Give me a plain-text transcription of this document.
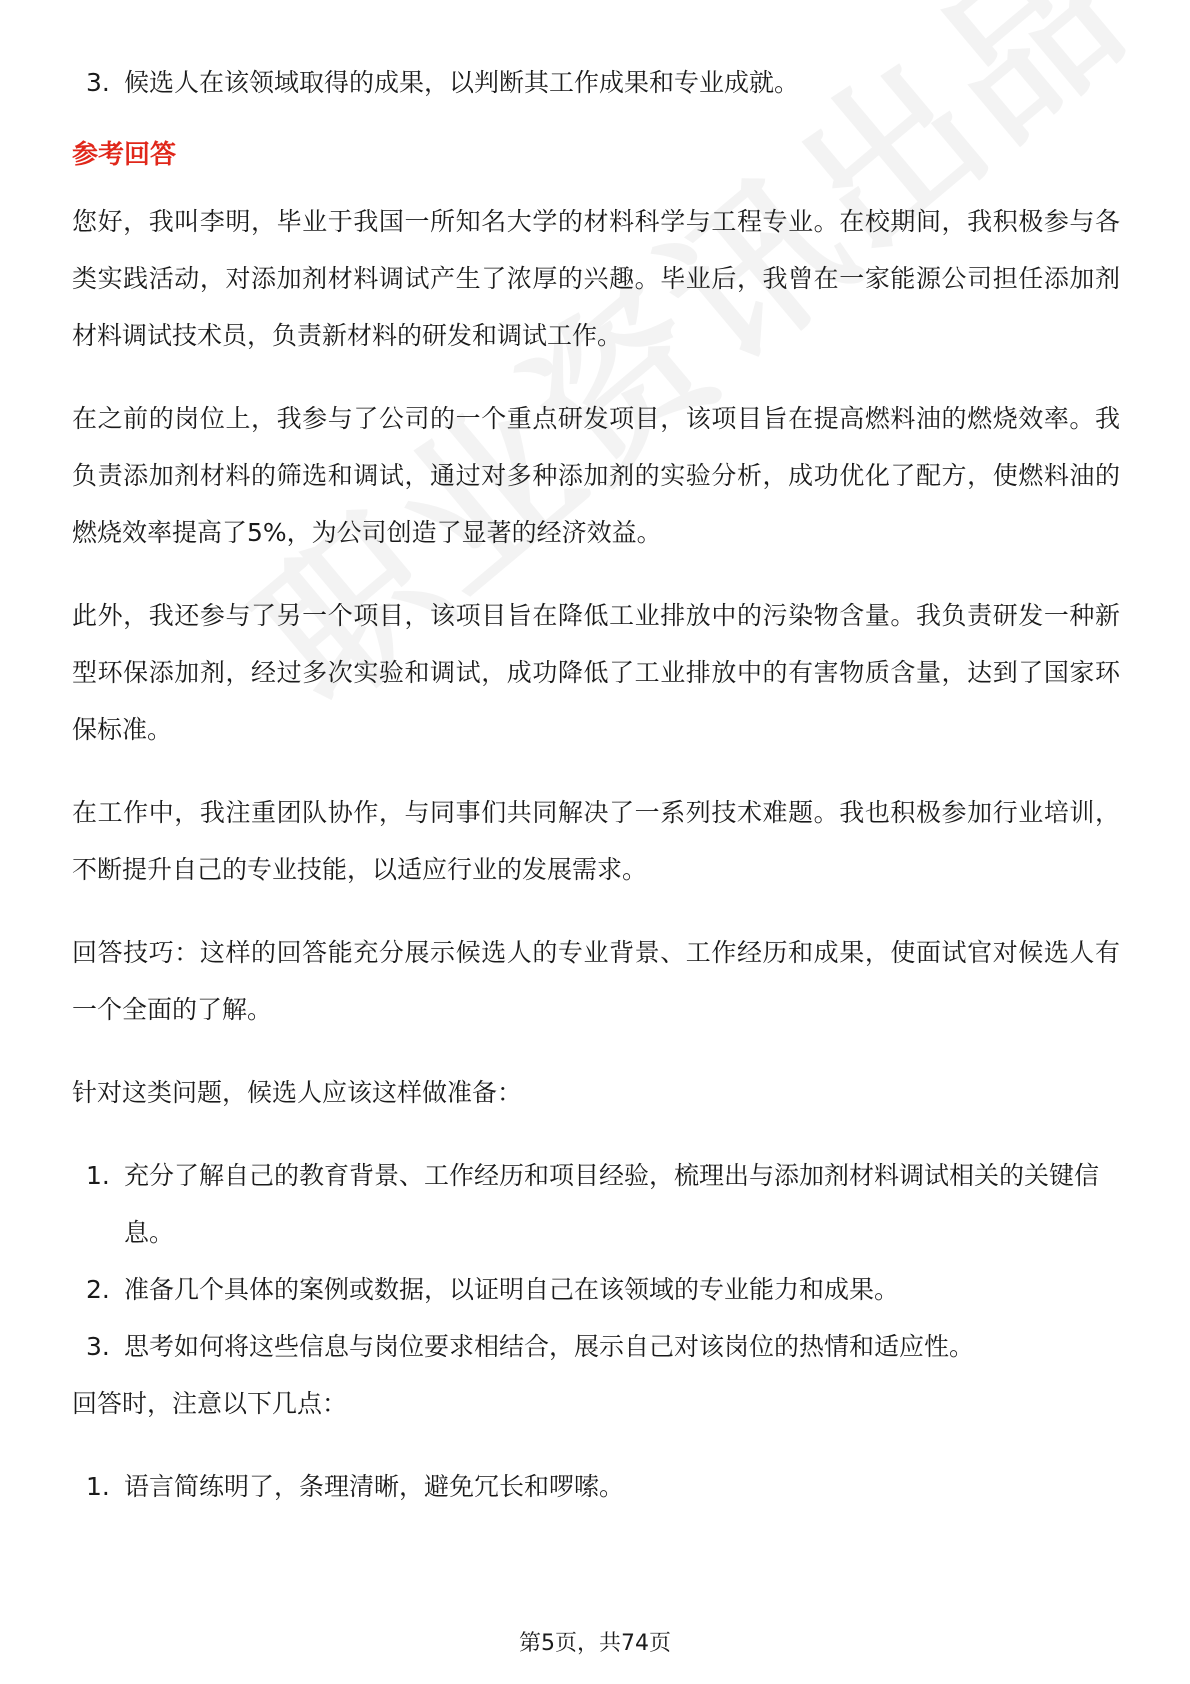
3. 候选人在该领域取得的成果，以判断其工作成果和专业成就。
参考回答

您好，我叫李明，毕业于我国一所知名大学的材料科学与工程专业。在校期间，我积极参与各类实践活动，对添加剂材料调试产生了浓厚的兴趣。毕业后，我曾在一家能源公司担任添加剂材料调试技术员，负责新材料的研发和调试工作。

在之前的岗位上，我参与了公司的一个重点研发项目，该项目旨在提高燃料油的燃烧效率。我负责添加剂材料的筛选和调试，通过对多种添加剂的实验分析，成功优化了配方，使燃料油的燃烧效率提高了5%，为公司创造了显著的经济效益。

此外，我还参与了另一个项目，该项目旨在降低工业排放中的污染物含量。我负责研发一种新型环保添加剂，经过多次实验和调试，成功降低了工业排放中的有害物质含量，达到了国家环保标准。

在工作中，我注重团队协作，与同事们共同解决了一系列技术难题。我也积极参加行业培训，不断提升自己的专业技能，以适应行业的发展需求。

回答技巧：这样的回答能充分展示候选人的专业背景、工作经历和成果，使面试官对候选人有一个全面的了解。

针对这类问题，候选人应该这样做准备：

1. 充分了解自己的教育背景、工作经历和项目经验，梳理出与添加剂材料调试相关的关键信息。
2. 准备几个具体的案例或数据，以证明自己在该领域的专业能力和成果。
3. 思考如何将这些信息与岗位要求相结合，展示自己对该岗位的热情和适应性。

回答时，注意以下几点：

1. 语言简练明了，条理清晰，避免冗长和啰嗦。
第5页，共74页
